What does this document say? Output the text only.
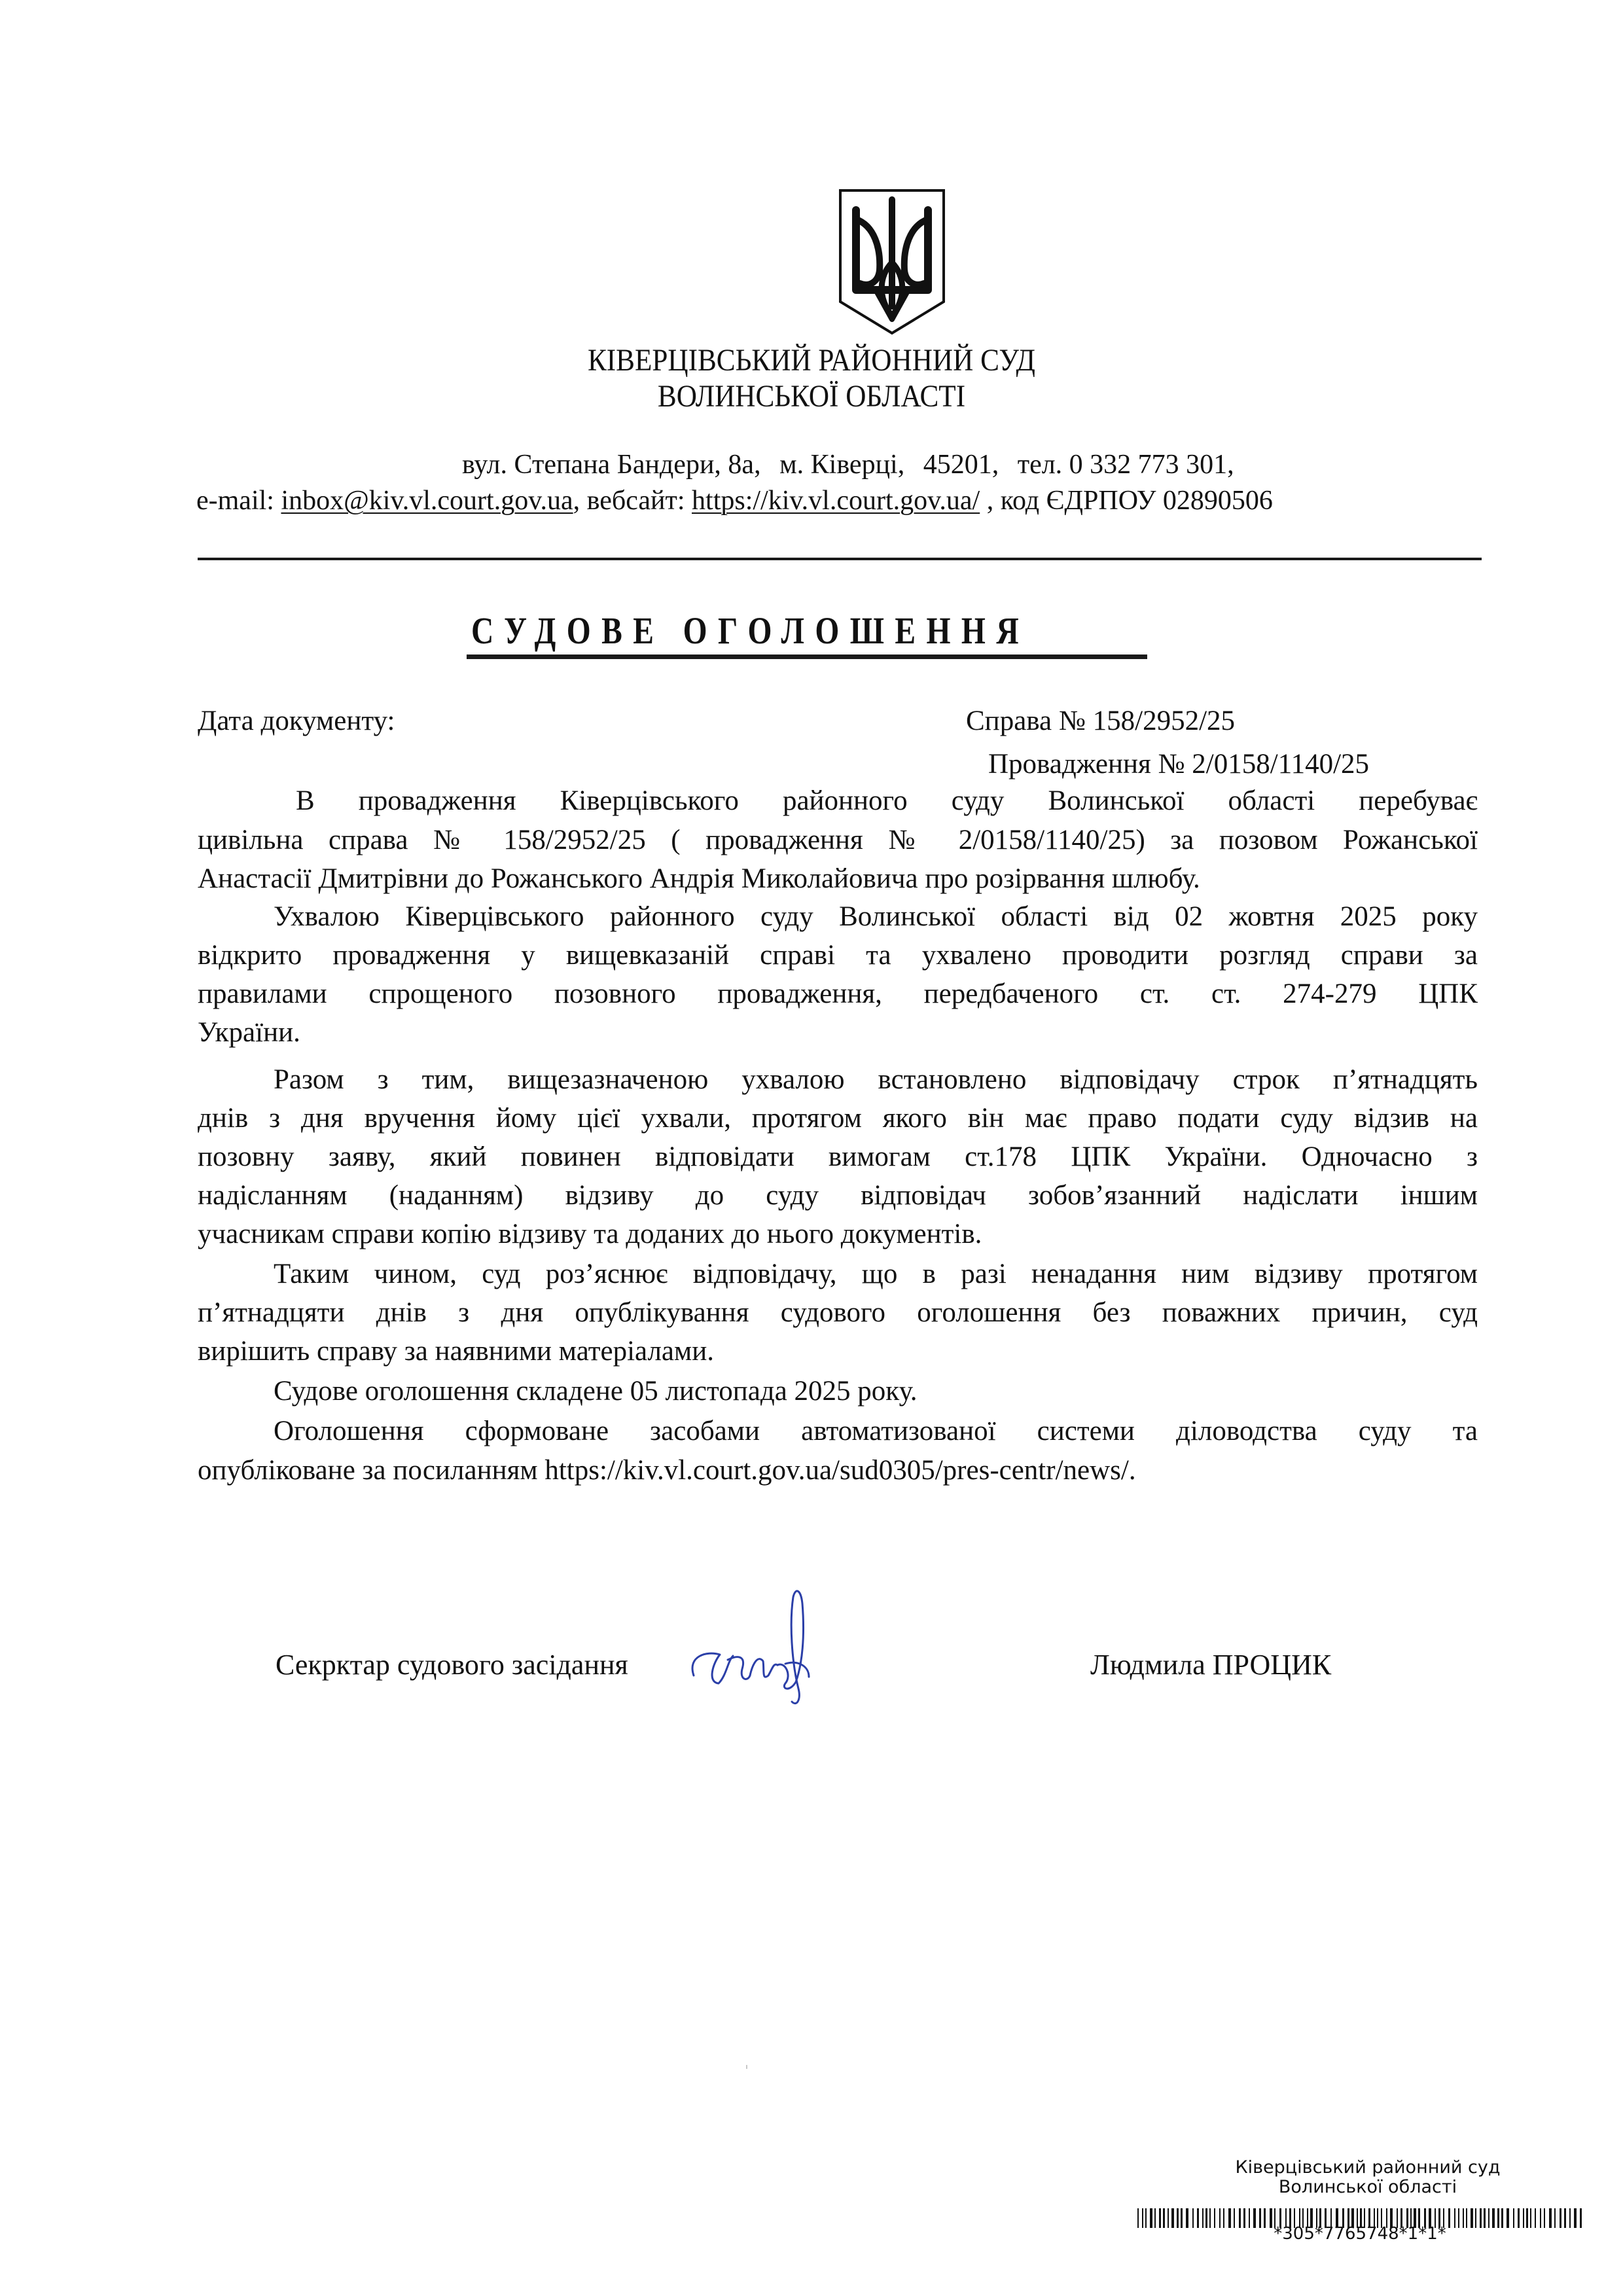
КІВЕРЦІВСЬКИЙ РАЙОННИЙ СУД
ВОЛИНСЬКОЇ ОБЛАСТІ
вул. Степана Бандери, 8а, м. Ківерці, 45201, тел. 0 332 773 301,
e-mail: inbox@kiv.vl.court.gov.ua, вебсайт: https://kiv.vl.court.gov.ua/ , код ЄДРПОУ 02890506
СУДОВЕ ОГОЛОШЕННЯ
Дата документу:	Справа № 158/2952/25
Провадження № 2/0158/1140/25
В провадження Ківерцівського районного суду Волинської області перебуває
цивільна справа № 158/2952/25 ( провадження № 2/0158/1140/25) за позовом Рожанської
Анастасії Дмитрівни до Рожанського Андрія Миколайовича про розірвання шлюбу.
Ухвалою Ківерцівського районного суду Волинської області від 02 жовтня 2025 року
відкрито провадження у вищевказаній справі та ухвалено проводити розгляд справи за
правилами спрощеного позовного провадження, передбаченого ст. ст. 274-279 ЦПК
України.
Разом з тим, вищезазначеною ухвалою встановлено відповідачу строк п’ятнадцять
днів з дня вручення йому цієї ухвали, протягом якого він має право подати суду відзив на
позовну заяву, який повинен відповідати вимогам ст.178 ЦПК України. Одночасно з
надісланням (наданням) відзиву до суду відповідач зобов’язанний надіслати іншим
учасникам справи копію відзиву та доданих до нього документів.
Таким чином, суд роз’яснює відповідачу, що в разі ненадання ним відзиву протягом
п’ятнадцяти днів з дня опублікування судового оголошення без поважних причин, суд
вирішить справу за наявними матеріалами.
Судове оголошення складене 05 листопада 2025 року.
Оголошення сформоване засобами автоматизованої системи діловодства суду та
опубліковане за посиланням https://kiv.vl.court.gov.ua/sud0305/pres-centr/news/.
Секрктар судового засідання	Людмила ПРОЦИК
Ківерцівський районний суд
Волинської області
*305*7765748*1*1*
